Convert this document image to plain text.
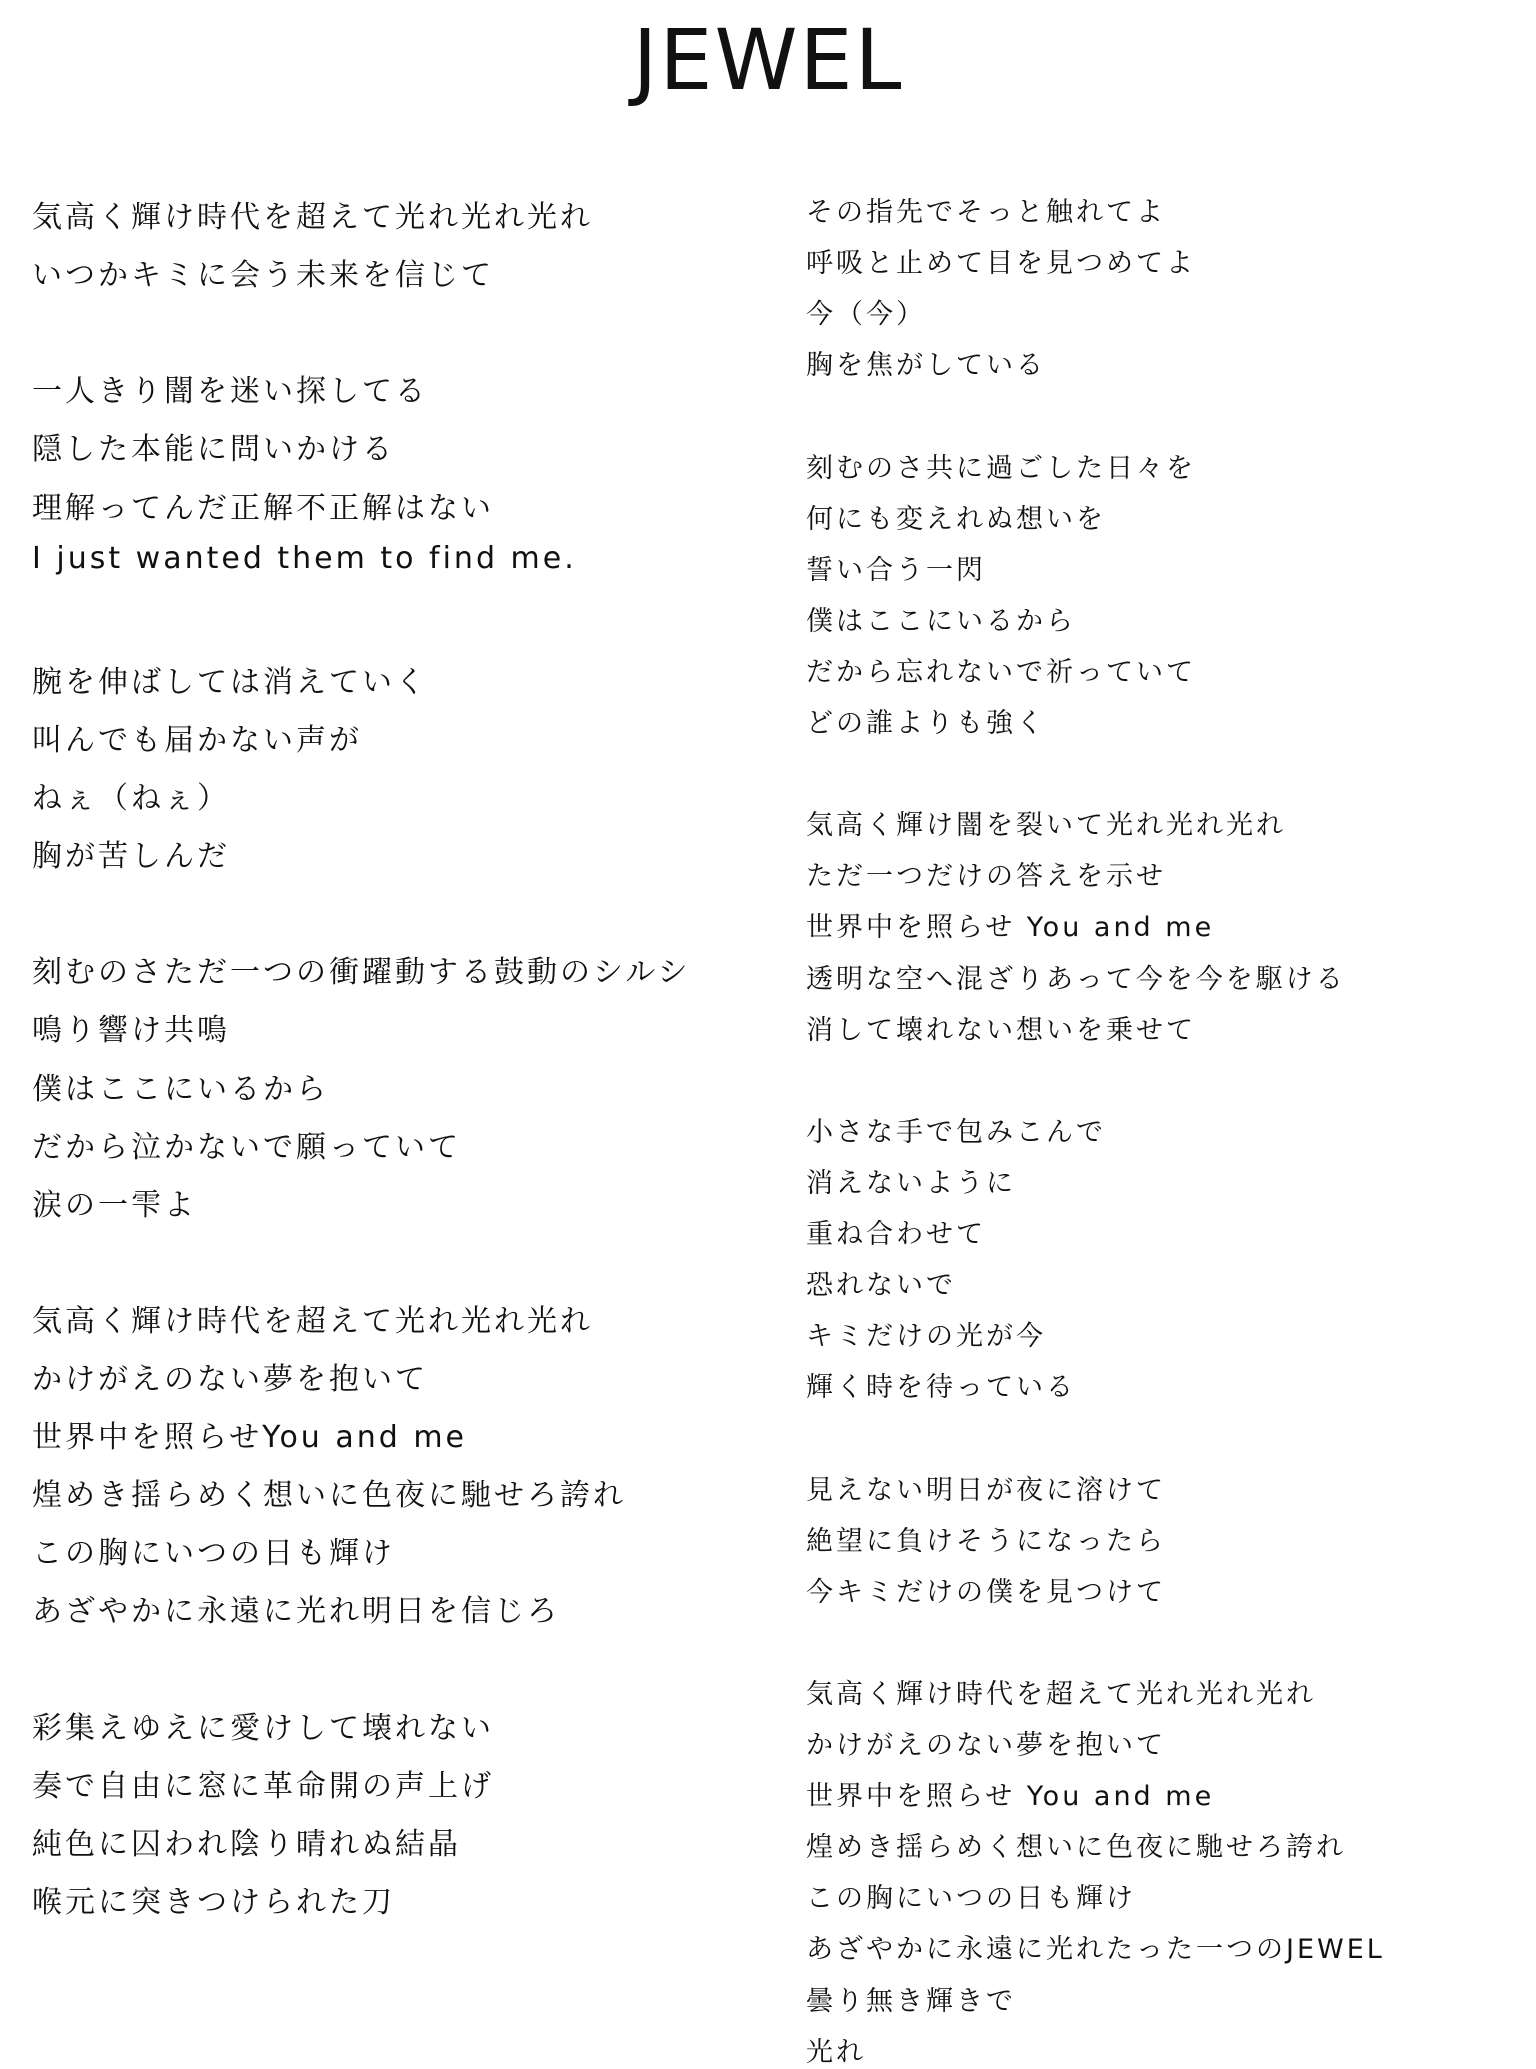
JEWEL
気高く輝け時代を超えて光れ光れ光れ
いつかキミに会う未来を信じて
一人きり闇を迷い探してる
隠した本能に問いかける
理解ってんだ正解不正解はない
I just wanted them to find me.
腕を伸ばしては消えていく
叫んでも届かない声が
ねぇ（ねぇ）
胸が苦しんだ
刻むのさただ一つの衝躍動する鼓動のシルシ
鳴り響け共鳴
僕はここにいるから
だから泣かないで願っていて
涙の一雫よ
気高く輝け時代を超えて光れ光れ光れ
かけがえのない夢を抱いて
世界中を照らせYou and me
煌めき揺らめく想いに色夜に馳せろ誇れ
この胸にいつの日も輝け
あざやかに永遠に光れ明日を信じろ
彩集えゆえに愛けして壊れない
奏で自由に窓に革命開の声上げ
純色に囚われ陰り晴れぬ結晶
喉元に突きつけられた刀
その指先でそっと触れてよ
呼吸と止めて目を見つめてよ
今（今）
胸を焦がしている
刻むのさ共に過ごした日々を
何にも変えれぬ想いを
誓い合う一閃
僕はここにいるから
だから忘れないで祈っていて
どの誰よりも強く
気高く輝け闇を裂いて光れ光れ光れ
ただ一つだけの答えを示せ
世界中を照らせ You and me
透明な空へ混ざりあって今を今を駆ける
消して壊れない想いを乗せて
小さな手で包みこんで
消えないように
重ね合わせて
恐れないで
キミだけの光が今
輝く時を待っている
見えない明日が夜に溶けて
絶望に負けそうになったら
今キミだけの僕を見つけて
気高く輝け時代を超えて光れ光れ光れ
かけがえのない夢を抱いて
世界中を照らせ You and me
煌めき揺らめく想いに色夜に馳せろ誇れ
この胸にいつの日も輝け
あざやかに永遠に光れたった一つのJEWEL
曇り無き輝きで
光れ
